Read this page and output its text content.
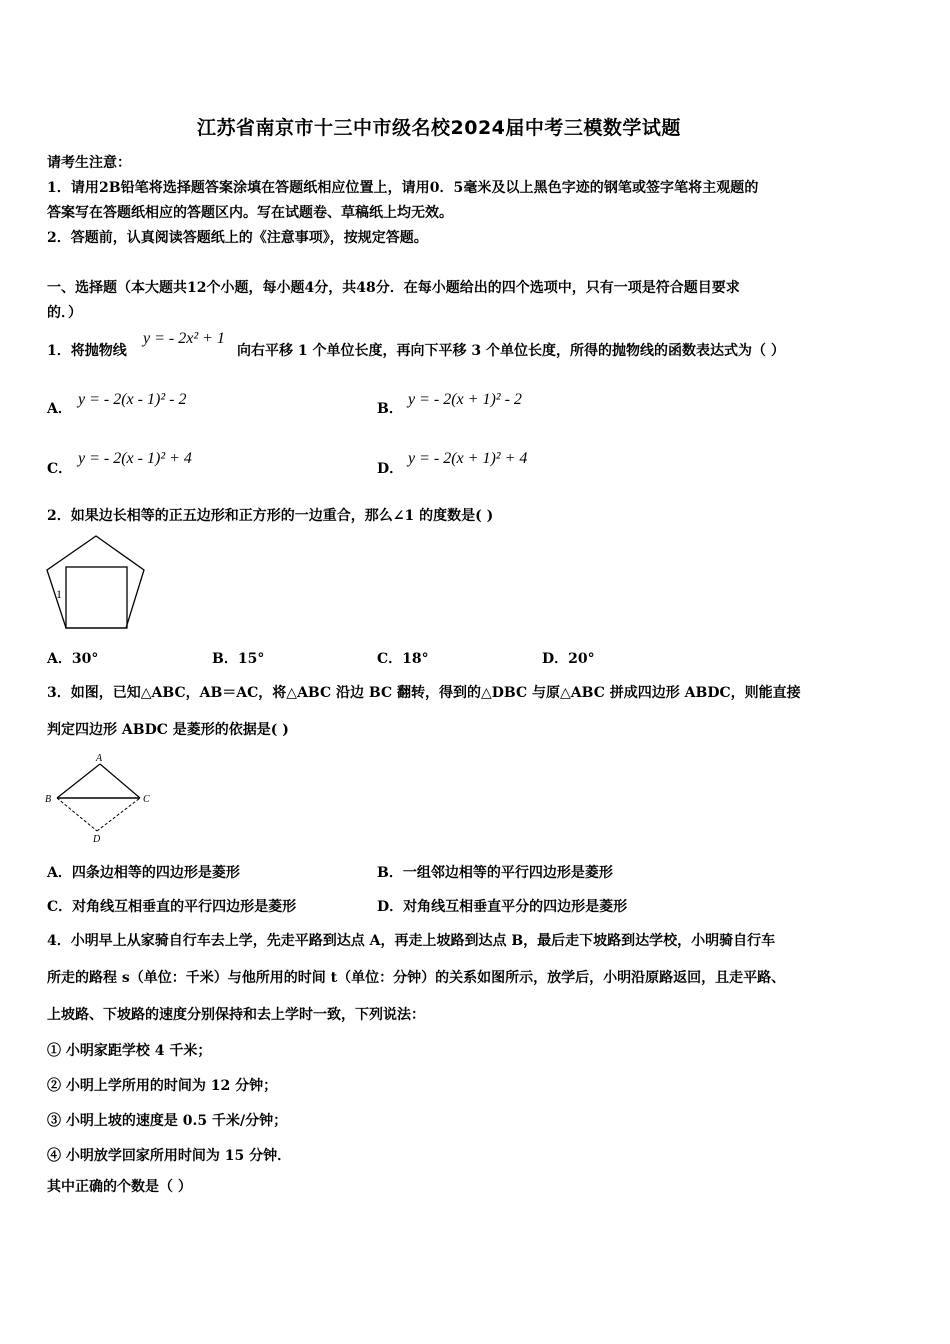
江苏省南京市十三中市级名校2024届中考三模数学试题
请考生注意：
1．请用2B铅笔将选择题答案涂填在答题纸相应位置上，请用0．5毫米及以上黑色字迹的钢笔或签字笔将主观题的
答案写在答题纸相应的答题区内。写在试题卷、草稿纸上均无效。
2．答题前，认真阅读答题纸上的《注意事项》，按规定答题。
一、选择题（本大题共12个小题，每小题4分，共48分．在每小题给出的四个选项中，只有一项是符合题目要求
的．）
1．将抛物线
y = - 2x² + 1
向右平移 1 个单位长度，再向下平移 3 个单位长度，所得的抛物线的函数表达式为（ ）
A．
y = - 2(x - 1)² - 2
B．
y = - 2(x + 1)² - 2
C．
y = - 2(x - 1)² + 4
D．
y = - 2(x + 1)² + 4
2．如果边长相等的正五边形和正方形的一边重合，那么∠1 的度数是( )
1
A．30°	B．15°	C．18°	D．20°
3．如图，已知△ABC，AB＝AC，将△ABC 沿边 BC 翻转，得到的△DBC 与原△ABC 拼成四边形 ABDC，则能直接
判定四边形 ABDC 是菱形的依据是( )
A
B	C
D
A．四条边相等的四边形是菱形	B．一组邻边相等的平行四边形是菱形
C．对角线互相垂直的平行四边形是菱形	D．对角线互相垂直平分的四边形是菱形
4．小明早上从家骑自行车去上学，先走平路到达点 A，再走上坡路到达点 B，最后走下坡路到达学校，小明骑自行车
所走的路程 s（单位：千米）与他所用的时间 t（单位：分钟）的关系如图所示，放学后，小明沿原路返回，且走平路、
上坡路、下坡路的速度分别保持和去上学时一致，下列说法：
① 小明家距学校 4 千米；
② 小明上学所用的时间为 12 分钟；
③ 小明上坡的速度是 0.5 千米/分钟；
④ 小明放学回家所用时间为 15 分钟．
其中正确的个数是（ ）
